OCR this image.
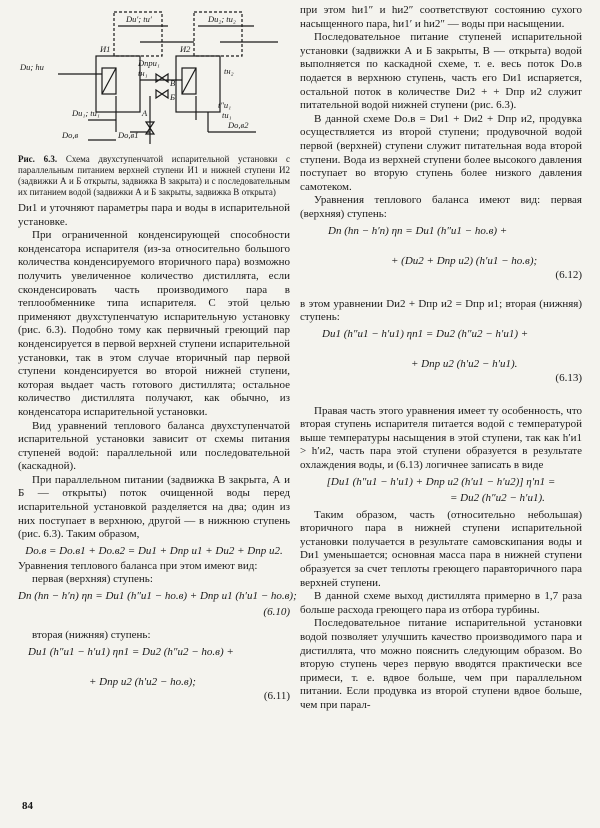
Dи′; tи′	Dи₂; tи₂
И1	И2
Dи; hи	Dпри₁
tн₁	tн₂
Б
В
А
Dи₁; tи₁
Dо,в	Dо,в1
Dо,в2
t″и₁
tи₁

Рис. 6.3. Схема двухступенчатой испарительной установки с параллельным питанием верхней ступени И1 и нижней ступени И2 (задвижки А и Б открыты, задвижка В закрыта) и с последовательным их питанием водой (задвижки А и Б закрыты, задвижка В открыта)

Dи1 и уточняют параметры пара и воды в испарительной установке.

При ограниченной конденсирующей способности конденсатора испарителя (из-за относительно большого количества конденсируемого вторичного пара) возможно получить увеличенное количество дистиллята, если сконденсировать часть производимого пара в теплообменнике типа испарителя. С этой целью применяют двухступенчатую испарительную установку (рис. 6.3). Подобно тому как первичный греющий пар конденсируется в первой верхней ступени испарительной установки, так в этом случае вторичный пар первой ступени конденсируется во второй нижней ступени, которая выдает часть готового дистиллята; остальное количество дистиллята получают, как обычно, из конденсатора испарительной установки.

Вид уравнений теплового баланса двухступенчатой испарительной установки зависит от схемы питания ступеней водой: параллельной или последовательной (каскадной).

При параллельном питании (задвижка В закрыта, А и Б — открыты) поток очищенной воды перед испарительной установкой разделяется на два; один из них поступает в верхнюю, другой — в нижнюю ступень (рис. 6.3). Таким образом,

Dо.в = Dо.в1 + Dо.в2 = Dи1 + Dпр и1 + Dи2 + Dпр и2.

Уравнения теплового баланса при этом имеют вид:

первая (верхняя) ступень:

Dп (hп − h′п) ηп = Dи1 (h″и1 − hо.в) + Dпр и1 (h′и1 − hо.в);
(6.10)

вторая (нижняя) ступень:

Dи1 (h″и1 − h′и1) ηп1 = Dи2 (h″и2 − hо.в) +

+ Dпр и2 (h′и2 − hо.в);

(6.11)

при этом hи1″ и hи2″ соответствуют состоянию сухого насыщенного пара, hи1′ и hи2″ — воды при насыщении.

Последовательное питание ступеней испарительной установки (задвижки А и Б закрыты, В — открыта) водой выполняется по каскадной схеме, т. е. весь поток Dо.в подается в верхнюю ступень, часть его Dи1 испаряется, остальной поток в количестве Dи2 + + Dпр и2 служит питательной водой нижней ступени (рис. 6.3).

В данной схеме Dо.в = Dи1 + Dи2 + Dпр и2, продувка осуществляется из второй ступени; продувочной водой первой (верхней) ступени служит питательная вода второй ступени. Вода из верхней ступени более высокого давления поступает во вторую ступень более низкого давления самотеком.

Уравнения теплового баланса имеют вид: первая (верхняя) ступень:

Dп (hп − h′п) ηп = Dи1 (h″и1 − hо.в) +

+ (Dи2 + Dпр и2) (h′и1 − hо.в);

(6.12)

в этом уравнении Dи2 + Dпр и2 = Dпр и1; вторая (нижняя) ступень:

Dи1 (h″и1 − h′и1) ηп1 = Dи2 (h″и2 − h′и1) +

+ Dпр и2 (h′и2 − h′и1).

(6.13)

Правая часть этого уравнения имеет ту особенность, что вторая ступень испарителя питается водой с температурой выше температуры насыщения в этой ступени, так как h′и1 > h′и2, часть пара этой ступени образуется в результате охлаждения воды, и (6.13) логичнее записать в виде

[Dи1 (h″и1 − h′и1) + Dпр и2 (h′и1 − h′и2)] η′п1 =
= Dи2 (h″и2 − h′и1).

Таким образом, часть (относительно небольшая) вторичного пара в нижней ступени испарительной установки получается в результате самовскипания воды и Dи1 уменьшается; основная масса пара в нижней ступени образуется за счет теплоты греющего паравторичного пара верхней ступени.

В данной схеме выход дистиллята примерно в 1,7 раза больше расхода греющего пара из отбора турбины.

Последовательное питание испарительной установки водой позволяет улучшить качество производимого пара и дистиллята, что можно пояснить следующим образом. Во вторую ступень через первую вводятся практически все примеси, т. е. вдвое больше, чем при параллельном питании. Если продувка из второй ступени вдвое больше, чем при парал-

84
